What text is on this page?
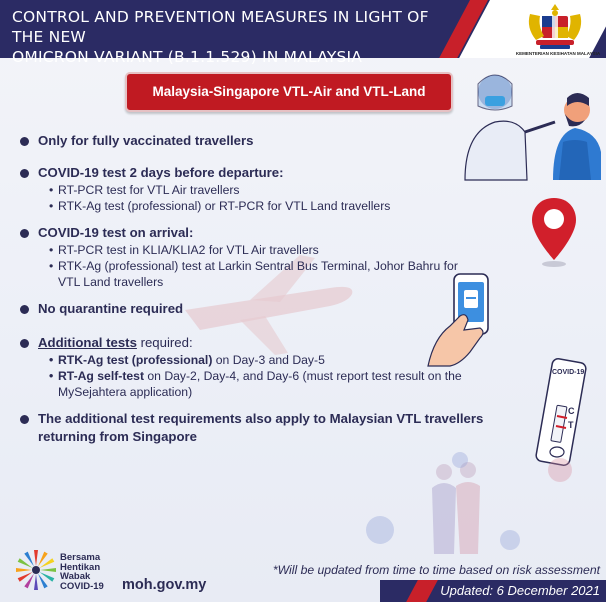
CONTROL AND PREVENTION MEASURES IN LIGHT OF THE NEW
OMICRON VARIANT (B.1.1.529) IN MALAYSIA	KEMENTERIAN KESIHATAN MALAYSIA
Malaysia-Singapore VTL-Air and VTL-Land
COVID-19
C
T
Only for fully vaccinated travellers
COVID-19 test 2 days before departure:
• RT-PCR test for VTL Air travellers
• RTK-Ag test (professional) or RT-PCR for VTL Land travellers
COVID-19 test on arrival:
• RT-PCR test in KLIA/KLIA2 for VTL Air travellers
• RTK-Ag (professional) test at Larkin Sentral Bus Terminal, Johor Bahru for
VTL Land travellers
No quarantine required
Additional tests required:
• RTK-Ag test (professional) on Day-3 and Day-5
• RT-Ag self-test on Day-2, Day-4, and Day-6 (must report test result on the
MySejahtera application)
The additional test requirements also apply to Malaysian VTL travellers
returning from Singapore
Bersama
Hentikan
Wabak
COVID-19 moh.gov.my
*Will be updated from time to time based on risk assessment
Updated: 6 December 2021
